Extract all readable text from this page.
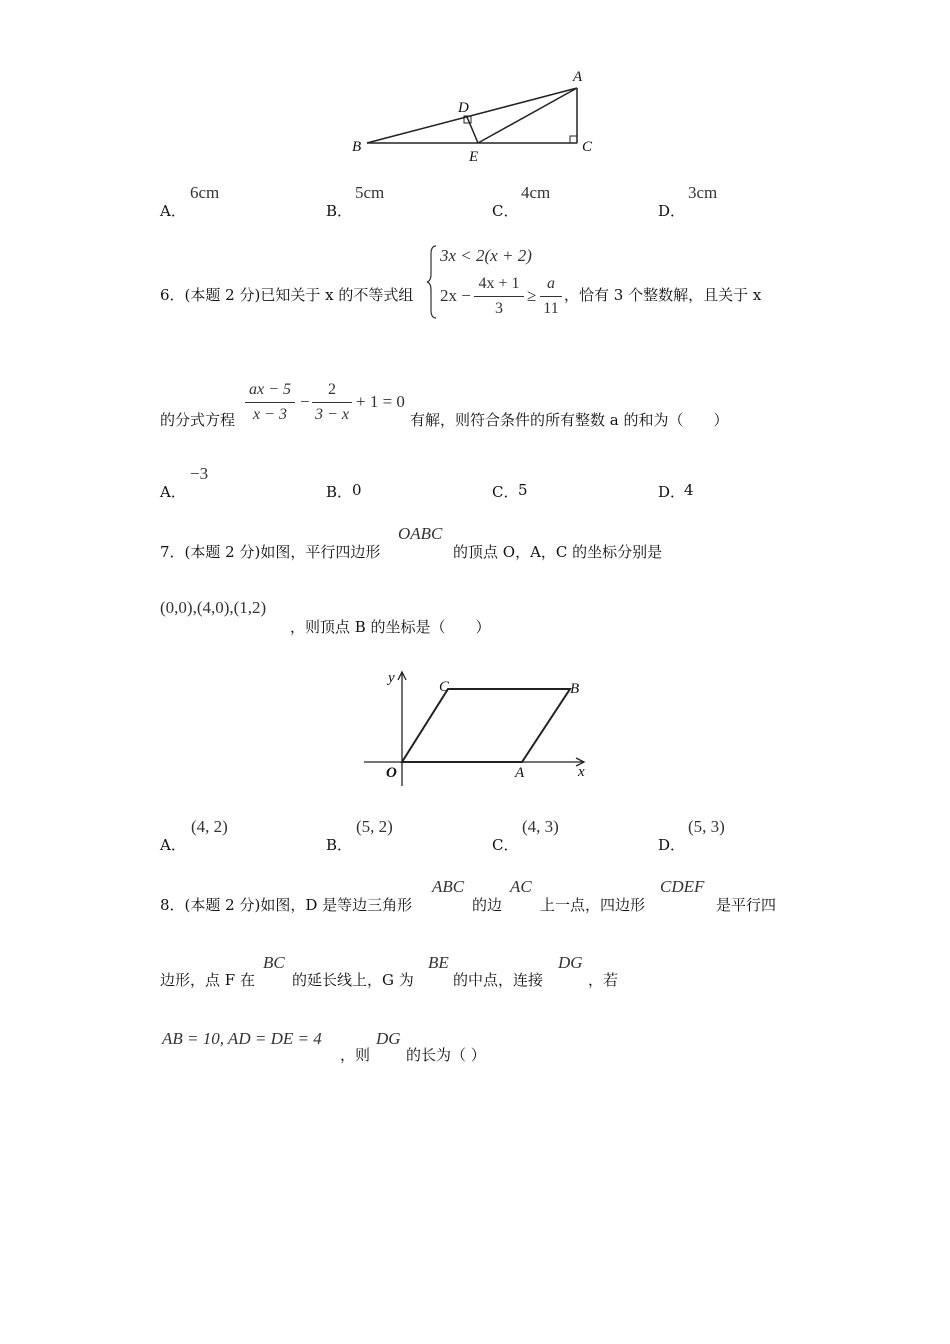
A
B	C
D
E
A．
6cm
B．
5cm
C．
4cm
D．
3cm
6．(本题 2 分)已知关于 x 的不等式组
3x < 2(x + 2)
2x −
4x + 1
3
≥
a
11
，恰有 3 个整数解，且关于 x
的分式方程
ax − 5
x − 3
−
2
3 − x
+ 1 = 0
有解，则符合条件的所有整数 a 的和为（　　）
A．
−3
B． 0	C． 5	D．
4
7．(本题 2 分)如图，平行四边形
OABC
的顶点 O，A，C 的坐标分别是
(0,0),(4,0),(1,2)
，则顶点 B 的坐标是（　　）
y
x
O	A
B
C
A．
(4, 2)
B．
(5, 2)
C．
(4, 3)
D．
(5, 3)
8．(本题 2 分)如图，D 是等边三角形
ABC
的边
AC
上一点，四边形
CDEF
是平行四
边形，点 F 在
BC
的延长线上，G 为
BE
的中点，连接
DG
，若
AB = 10, AD = DE = 4
，则
DG
的长为（ ）
